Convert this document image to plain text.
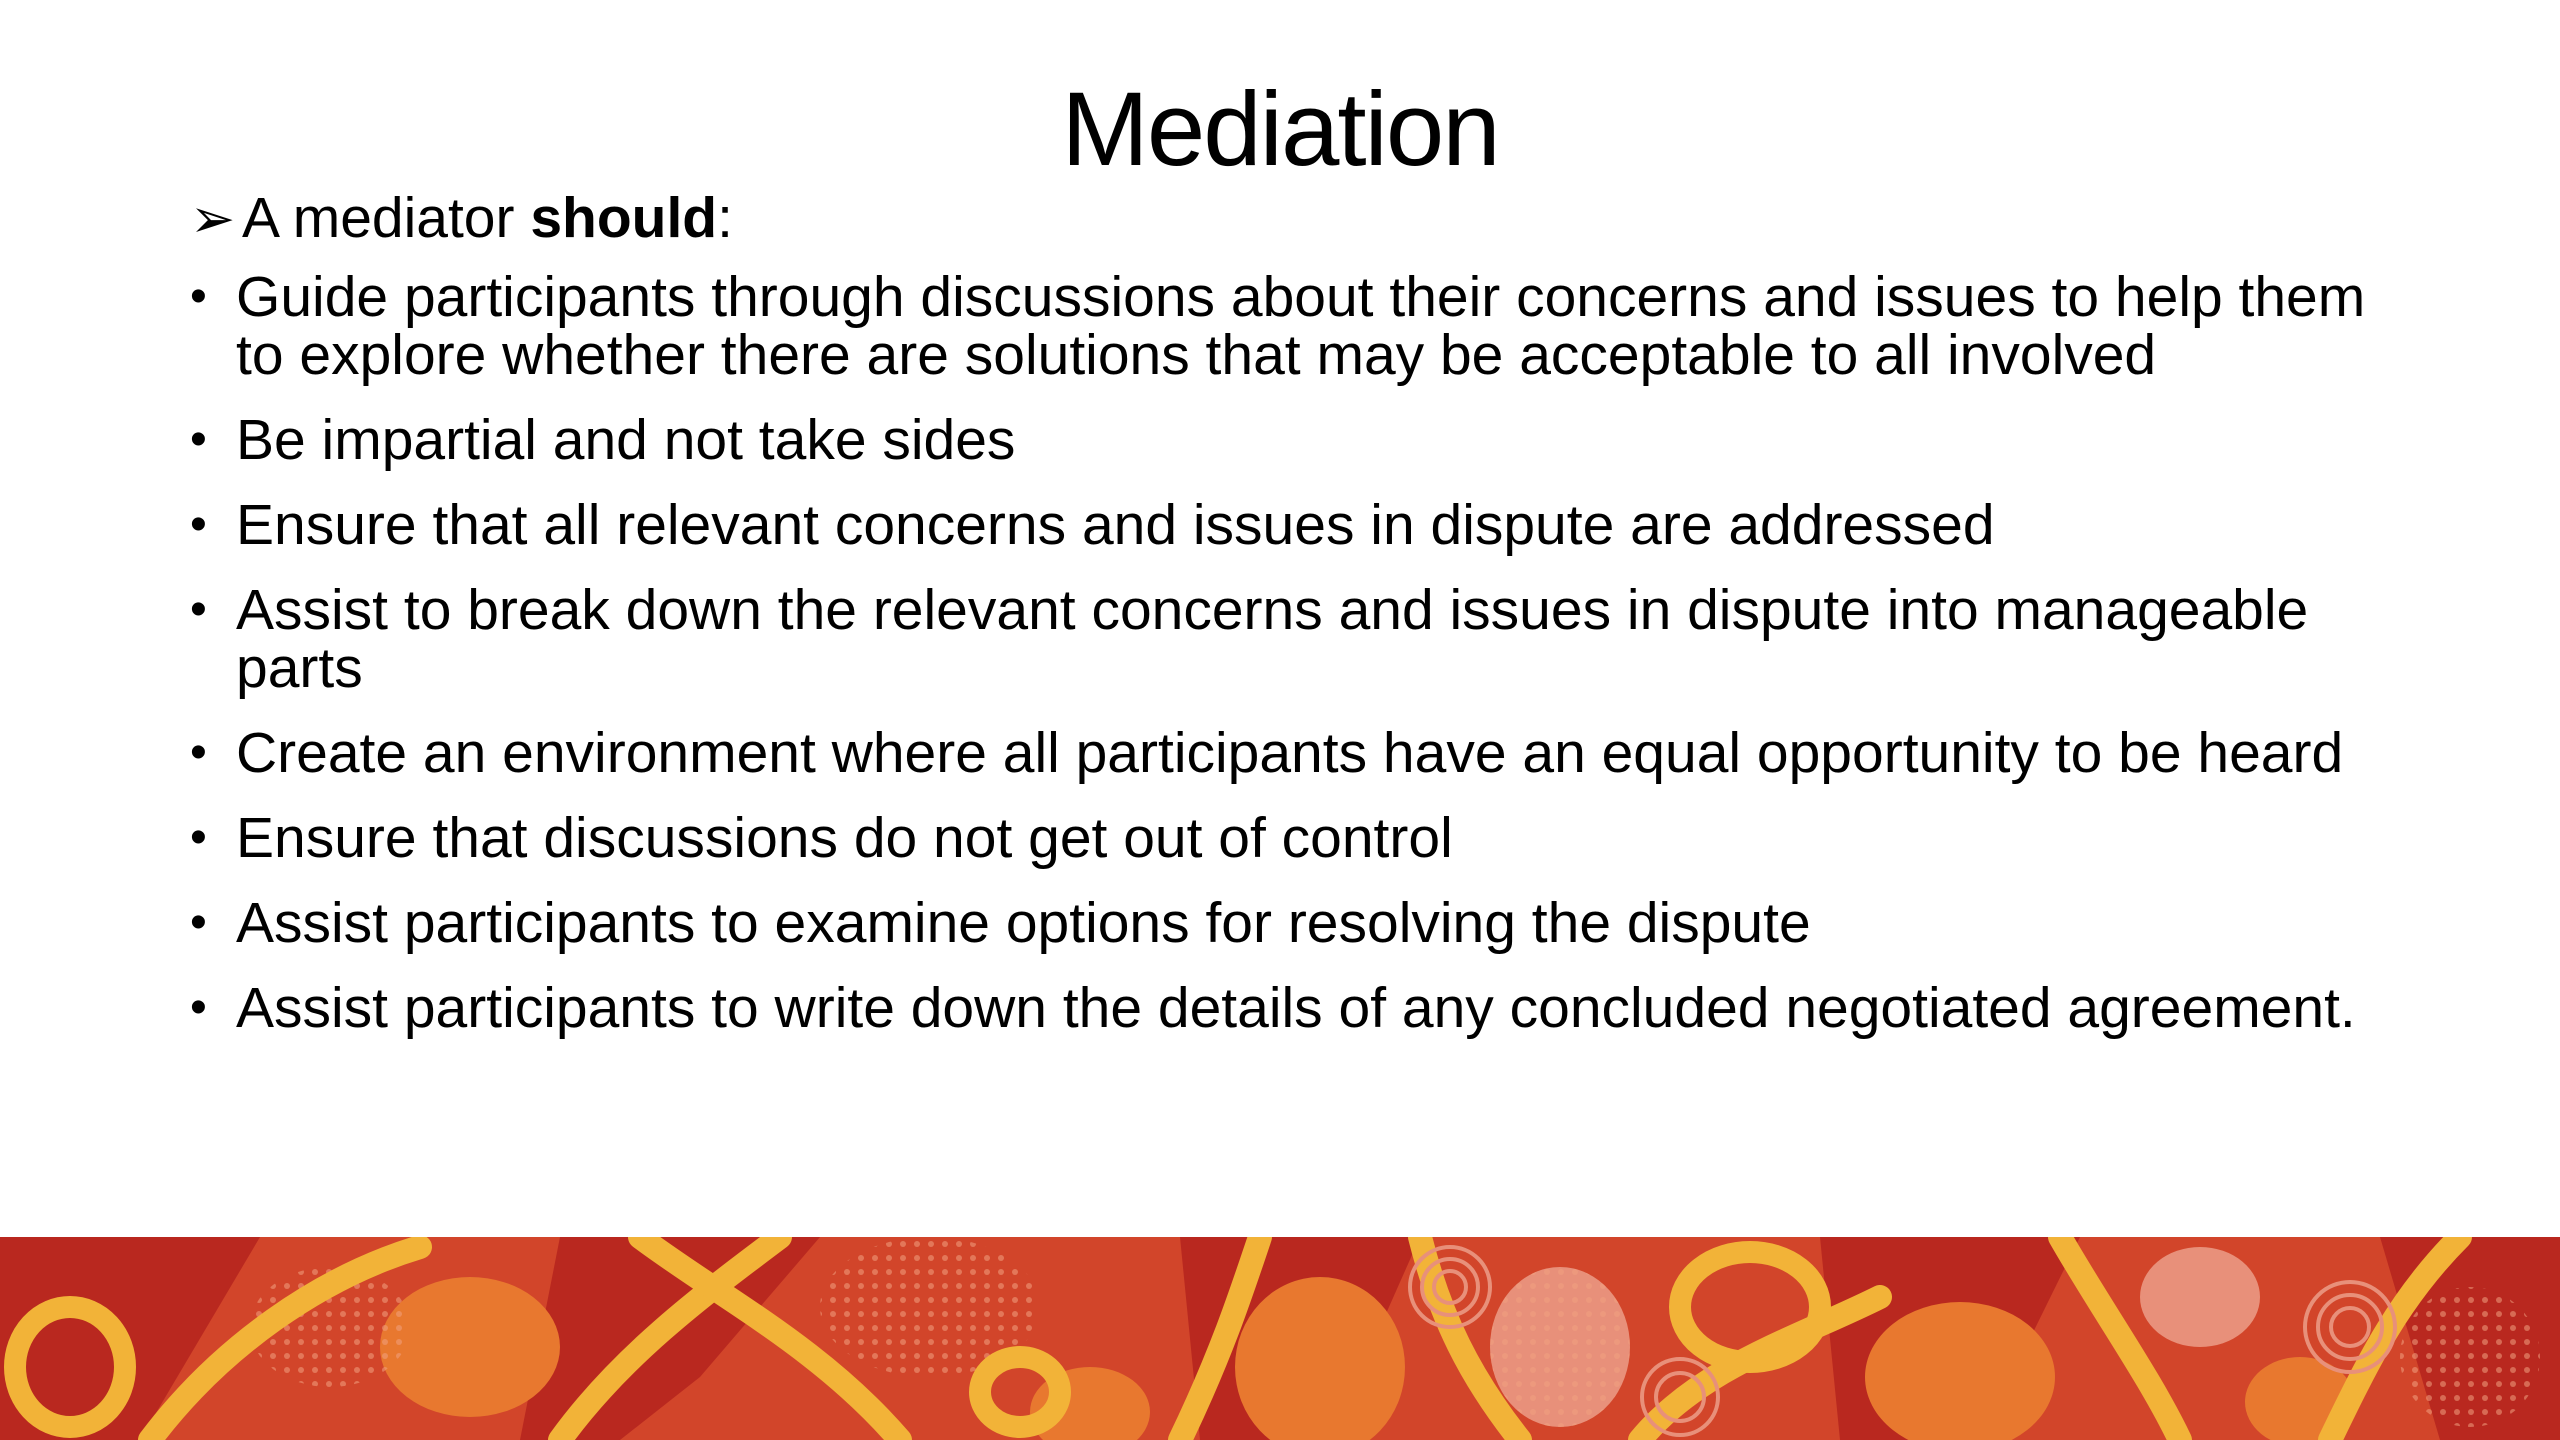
Mediation
➢ A mediator should:
• Guide participants through discussions about their concerns and issues to help them to explore whether there are solutions that may be acceptable to all involved
• Be impartial and not take sides
• Ensure that all relevant concerns and issues in dispute are addressed
• Assist to break down the relevant concerns and issues in dispute into manageable parts
• Create an environment where all participants have an equal opportunity to be heard
• Ensure that discussions do not get out of control
• Assist participants to examine options for resolving the dispute
• Assist participants to write down the details of any concluded negotiated agreement.
